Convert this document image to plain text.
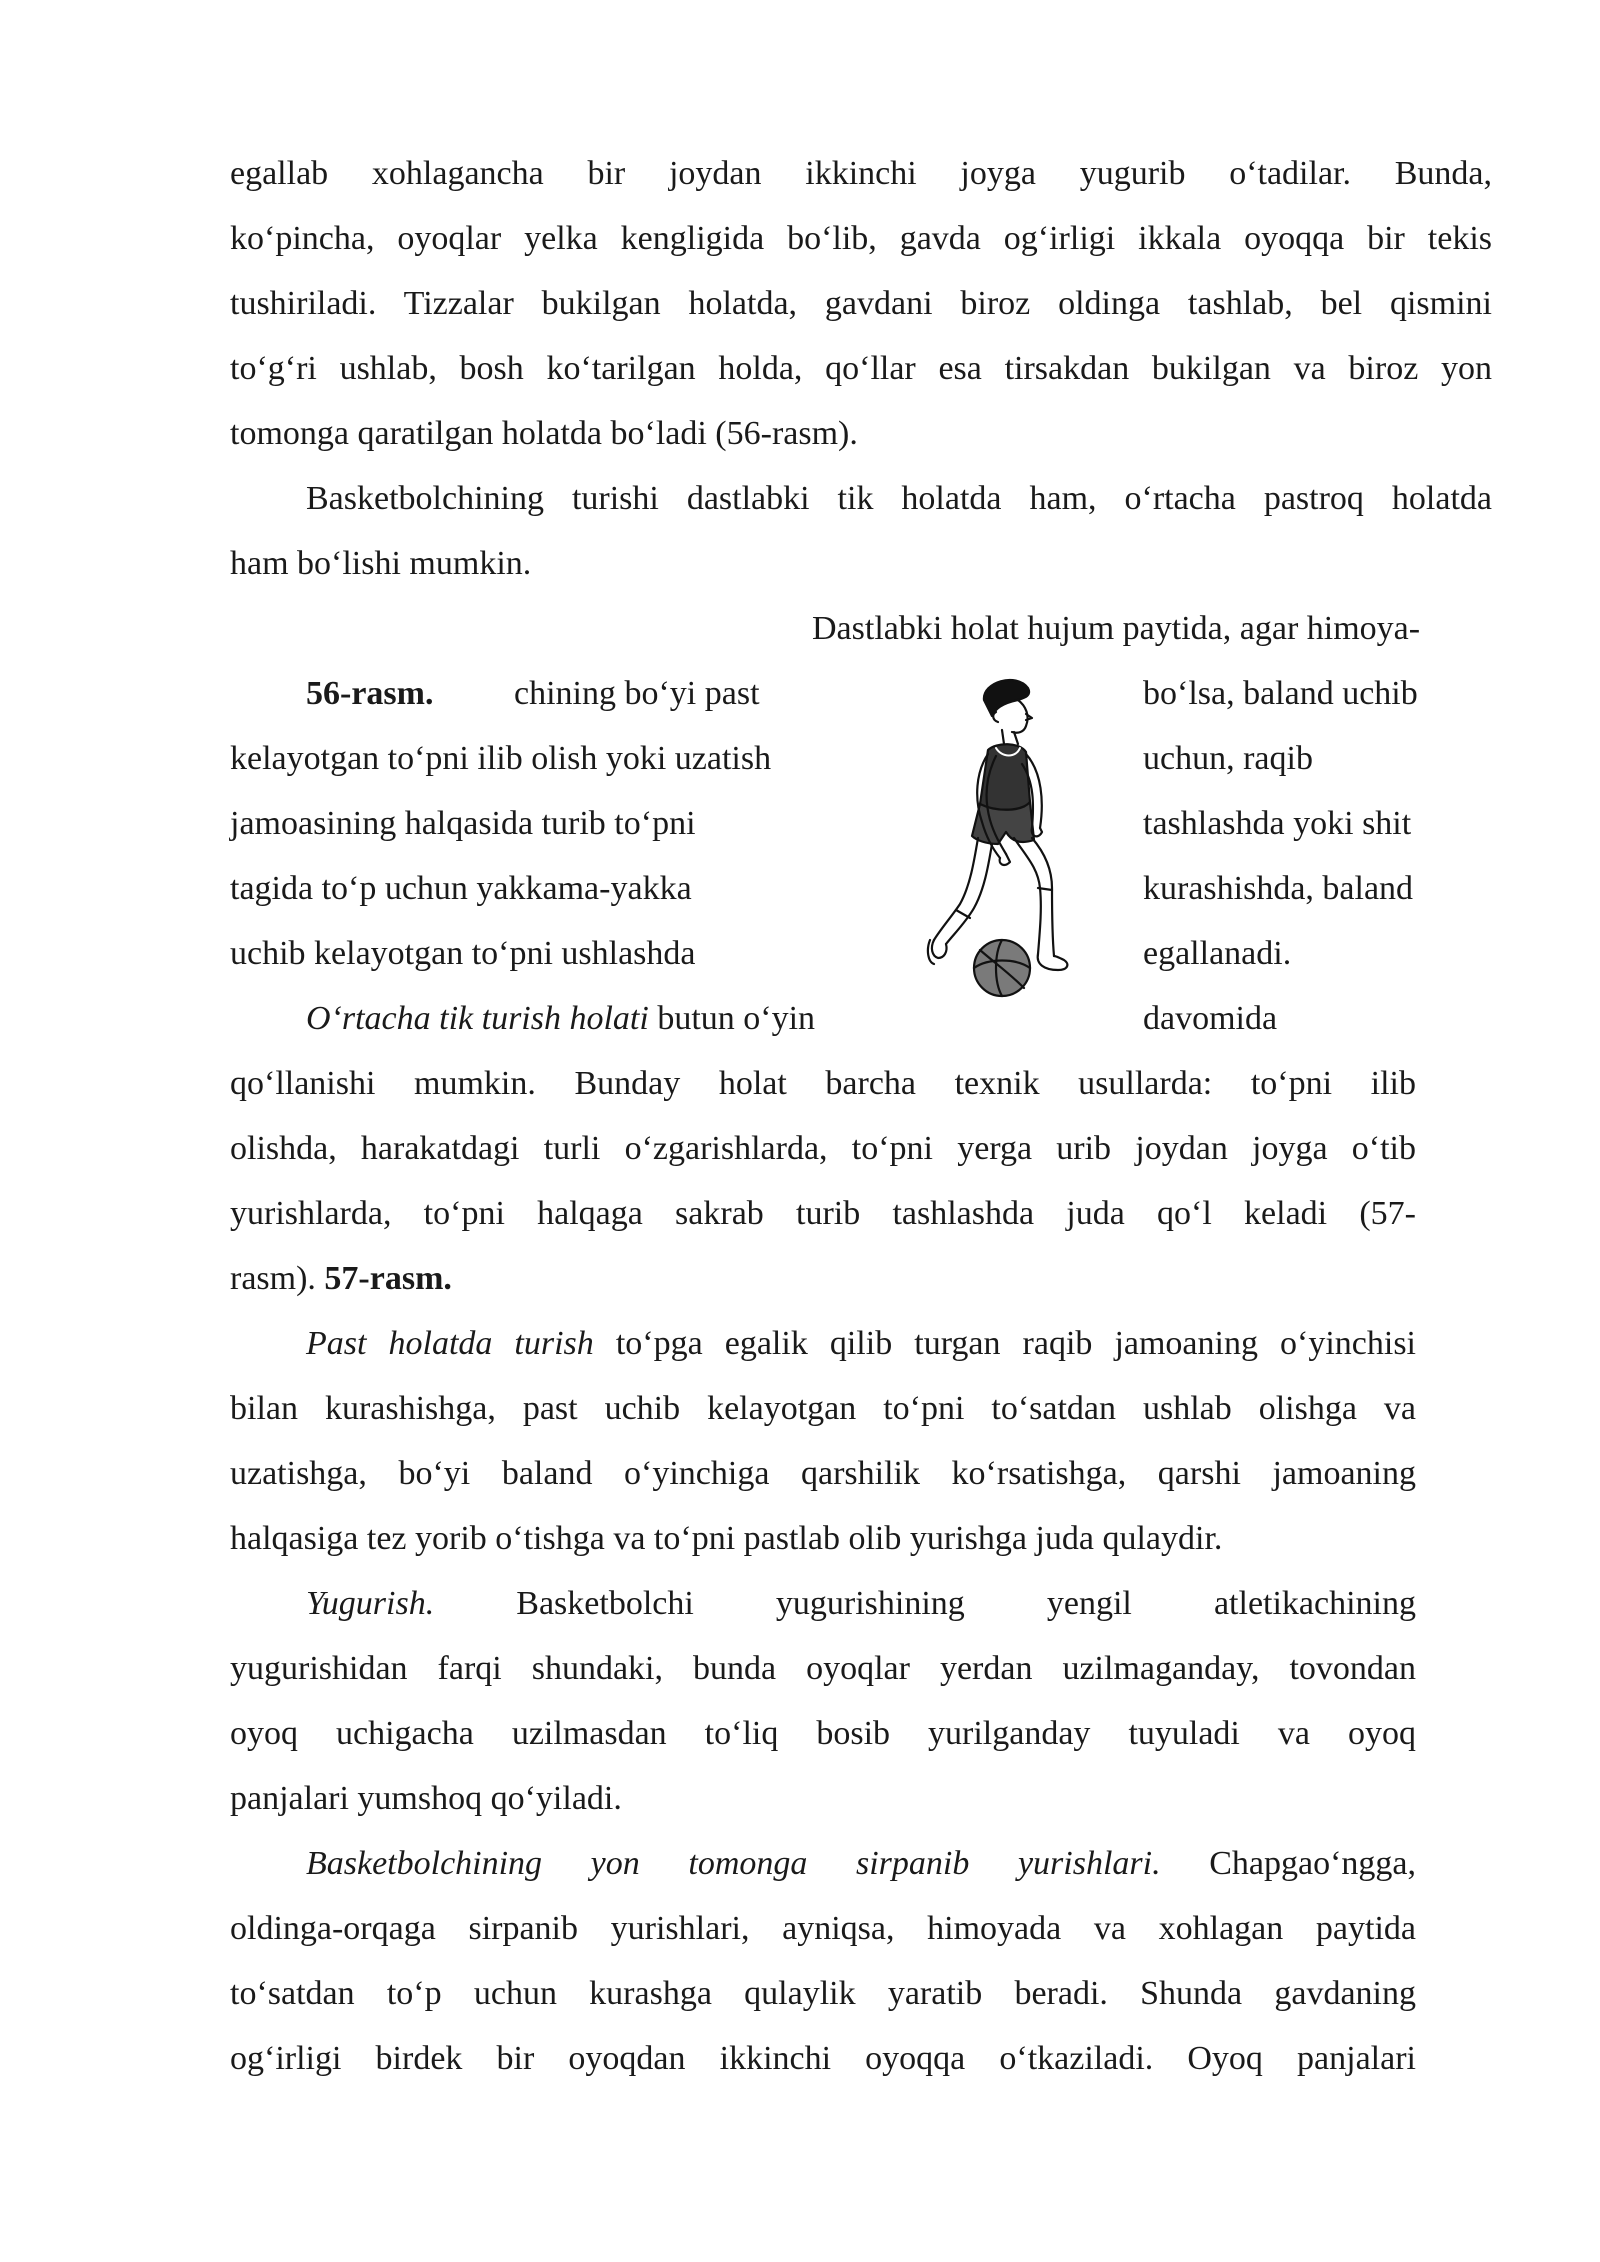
egallab xohlagancha bir joydan ikkinchi joyga yugurib o‘tadilar. Bunda,
ko‘pincha, oyoqlar yelka kengligida bo‘lib, gavda og‘irligi ikkala oyoqqa bir tekis
tushiriladi. Tizzalar bukilgan holatda, gavdani biroz oldinga tashlab, bel qismini
to‘g‘ri ushlab, bosh ko‘tarilgan holda, qo‘llar esa tirsakdan bukilgan va biroz yon
tomonga qaratilgan holatda bo‘ladi (56-rasm).
Basketbolchining turishi dastlabki tik holatda ham, o‘rtacha pastroq holatda
ham bo‘lishi mumkin.
Dastlabki holat hujum paytida, agar himoya-
56-rasm. chining bo‘yi past	bo‘lsa, baland uchib
kelayotgan to‘pni ilib olish yoki uzatish	uchun, raqib
jamoasining halqasida turib to‘pni	tashlashda yoki shit
tagida to‘p uchun yakkama-yakka	kurashishda, baland
uchib kelayotgan to‘pni ushlashda	egallanadi.
O‘rtacha tik turish holati butun o‘yin	davomida
qo‘llanishi mumkin. Bunday holat barcha texnik usullarda: to‘pni ilib
olishda, harakatdagi turli o‘zgarishlarda, to‘pni yerga urib joydan joyga o‘tib
yurishlarda, to‘pni halqaga sakrab turib tashlashda juda qo‘l keladi (57-
rasm). 57-rasm.
Past holatda turish to‘pga egalik qilib turgan raqib jamoaning o‘yinchisi
bilan kurashishga, past uchib kelayotgan to‘pni to‘satdan ushlab olishga va
uzatishga, bo‘yi baland o‘yinchiga qarshilik ko‘rsatishga, qarshi jamoaning
halqasiga tez yorib o‘tishga va to‘pni pastlab olib yurishga juda qulaydir.
Yugurish. Basketbolchi yugurishining yengil atletikachining
yugurishidan farqi shundaki, bunda oyoqlar yerdan uzilmaganday, tovondan
oyoq uchigacha uzilmasdan to‘liq bosib yurilganday tuyuladi va oyoq
panjalari yumshoq qo‘yiladi.
Basketbolchining yon tomonga sirpanib yurishlari. Chapgao‘ngga,
oldinga-orqaga sirpanib yurishlari, ayniqsa, himoyada va xohlagan paytida
to‘satdan to‘p uchun kurashga qulaylik yaratib beradi. Shunda gavdaning
og‘irligi birdek bir oyoqdan ikkinchi oyoqqa o‘tkaziladi. Oyoq panjalari
